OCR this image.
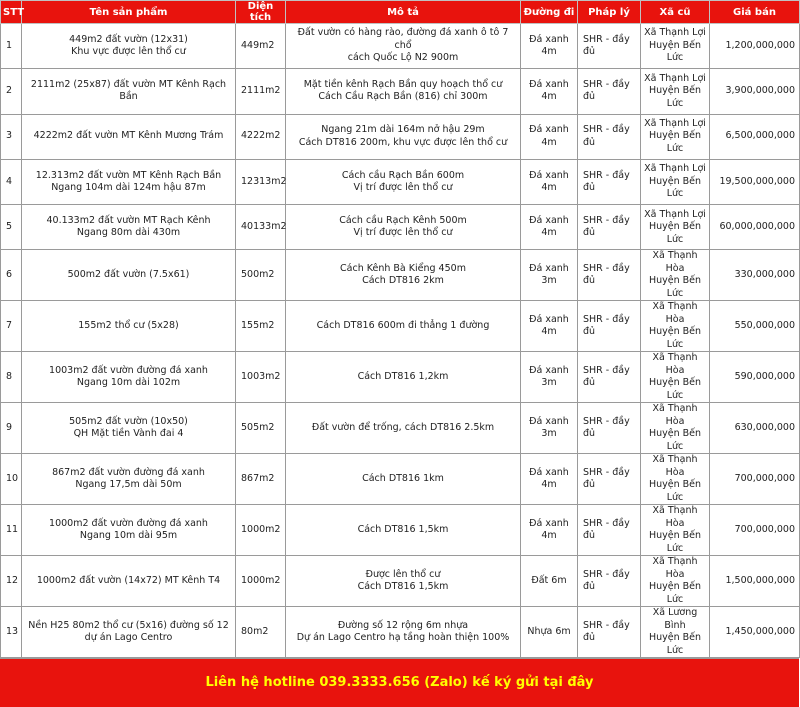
STT	Tên sản phẩm	Diện tích	Mô tả	Đường đi	Pháp lý	Xã cũ	Giá bán
1	449m2 đất vườn (12x31)
Khu vực được lên thổ cư	449m2	Đất vườn có hàng rào, đường đá xanh ô tô 7 chổ
cách Quốc Lộ N2 900m	Đá xanh 4m	SHR - đầy đủ	Xã Thạnh Lợi
Huyện Bến
Lức	1,200,000,000
2	2111m2 (25x87) đất vườn MT Kênh Rạch Bần	2111m2	Mặt tiền kênh Rạch Bần quy hoạch thổ cư
Cách Cầu Rạch Bần (816) chỉ 300m	Đá xanh 4m	SHR - đầy đủ	Xã Thạnh Lợi
Huyện Bến
Lức	3,900,000,000
3	4222m2 đất vườn MT Kênh Mương Trám	4222m2	Ngang 21m dài 164m nở hậu 29m
Cách DT816 200m, khu vực được lên thổ cư	Đá xanh 4m	SHR - đầy đủ	Xã Thạnh Lợi
Huyện Bến
Lức	6,500,000,000
4	12.313m2 đất vườn MT Kênh Rạch Bần
Ngang 104m dài 124m hậu 87m	12313m2	Cách cầu Rạch Bần 600m
Vị trí được lên thổ cư	Đá xanh 4m	SHR - đầy đủ	Xã Thạnh Lợi
Huyện Bến
Lức	19,500,000,000
5	40.133m2 đất vườn MT Rạch Kênh
Ngang 80m dài 430m	40133m2	Cách cầu Rạch Kênh 500m
Vị trí được lên thổ cư	Đá xanh 4m	SHR - đầy đủ	Xã Thạnh Lợi
Huyện Bến
Lức	60,000,000,000
6	500m2 đất vườn (7.5x61)	500m2	Cách Kênh Bà Kiểng 450m
Cách DT816 2km	Đá xanh 3m	SHR - đầy đủ	Xã Thạnh Hòa
Huyện Bến
Lức	330,000,000
7	155m2 thổ cư (5x28)	155m2	Cách DT816 600m đi thẳng 1 đường	Đá xanh 4m	SHR - đầy đủ	Xã Thạnh Hòa
Huyện Bến
Lức	550,000,000
8	1003m2 đất vườn đường đá xanh
Ngang 10m dài 102m	1003m2	Cách DT816 1,2km	Đá xanh 3m	SHR - đầy đủ	Xã Thạnh Hòa
Huyện Bến
Lức	590,000,000
9	505m2 đất vườn (10x50)
QH Mặt tiền Vành đai 4	505m2	Đất vườn để trống, cách DT816 2.5km	Đá xanh 3m	SHR - đầy đủ	Xã Thạnh Hòa
Huyện Bến
Lức	630,000,000
10	867m2 đất vườn đường đá xanh
Ngang 17,5m dài 50m	867m2	Cách DT816 1km	Đá xanh 4m	SHR - đầy đủ	Xã Thạnh Hòa
Huyện Bến
Lức	700,000,000
11	1000m2 đất vườn đường đá xanh
Ngang 10m dài 95m	1000m2	Cách DT816 1,5km	Đá xanh 4m	SHR - đầy đủ	Xã Thạnh Hòa
Huyện Bến
Lức	700,000,000
12	1000m2 đất vườn (14x72) MT Kênh T4	1000m2	Được lên thổ cư
Cách DT816 1,5km	Đất 6m	SHR - đầy đủ	Xã Thạnh Hòa
Huyện Bến
Lức	1,500,000,000
13	Nền H25 80m2 thổ cư (5x16) đường số 12
dự án Lago Centro	80m2	Đường số 12 rộng 6m nhựa
Dự án Lago Centro hạ tầng hoàn thiện 100%	Nhựa 6m	SHR - đầy đủ	Xã Lương Bình
Huyện Bến
Lức	1,450,000,000
Liên hệ hotline 039.3333.656 (Zalo) kế ký gửi tại đây
